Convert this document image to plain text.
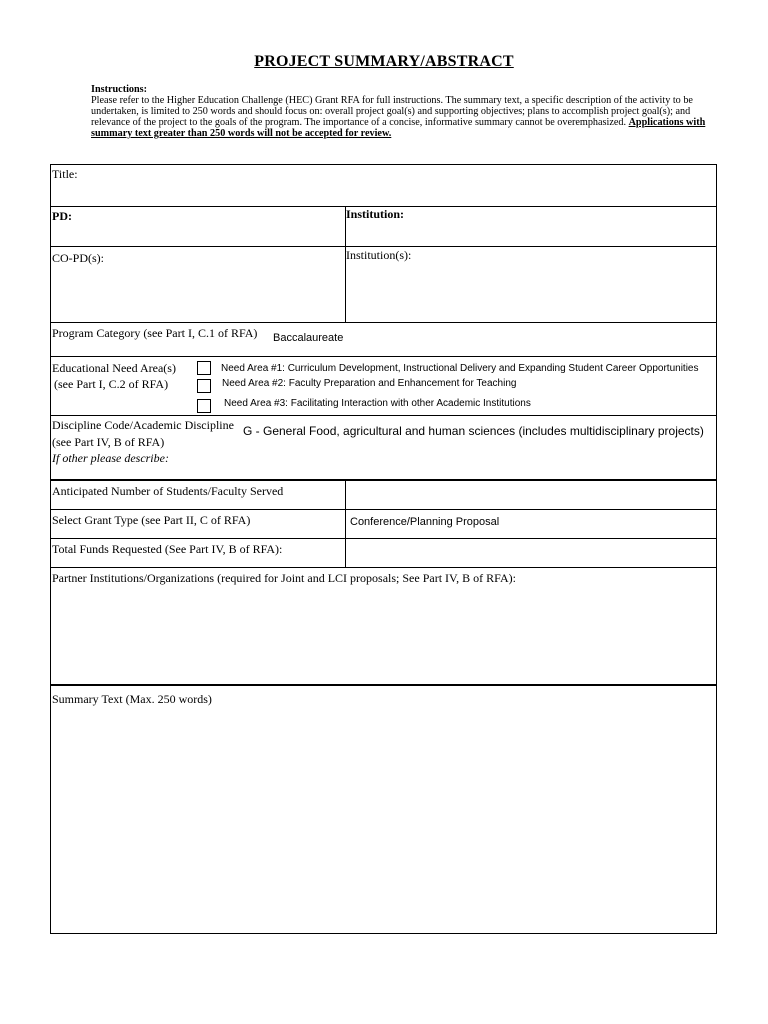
PROJECT SUMMARY/ABSTRACT
Instructions:
Please refer to the Higher Education Challenge (HEC) Grant RFA for full instructions. The summary text, a specific description of the activity to be undertaken, is limited to 250 words and should focus on: overall project goal(s) and supporting objectives; plans to accomplish project goal(s); and relevance of the project to the goals of the program. The importance of a concise, informative summary cannot be overemphasized. Applications with summary text greater than 250 words will not be accepted for review.
Title:
PD:	Institution:
CO-PD(s):	Institution(s):
Program Category (see Part I, C.1 of RFA) Baccalaureate
Educational Need Area(s)
(see Part I, C.2 of RFA)
Need Area #1: Curriculum Development, Instructional Delivery and Expanding Student Career Opportunities
Need Area #2: Faculty Preparation and Enhancement for Teaching
Need Area #3: Facilitating Interaction with other Academic Institutions
Discipline Code/Academic Discipline
(see Part IV, B of RFA)
If other please describe:
G - General Food, agricultural and human sciences (includes multidisciplinary projects)
Anticipated Number of Students/Faculty Served
Select Grant Type (see Part II, C of RFA)	Conference/Planning Proposal
Total Funds Requested (See Part IV, B of RFA):
Partner Institutions/Organizations (required for Joint and LCI proposals; See Part IV, B of RFA):
Summary Text (Max. 250 words)
